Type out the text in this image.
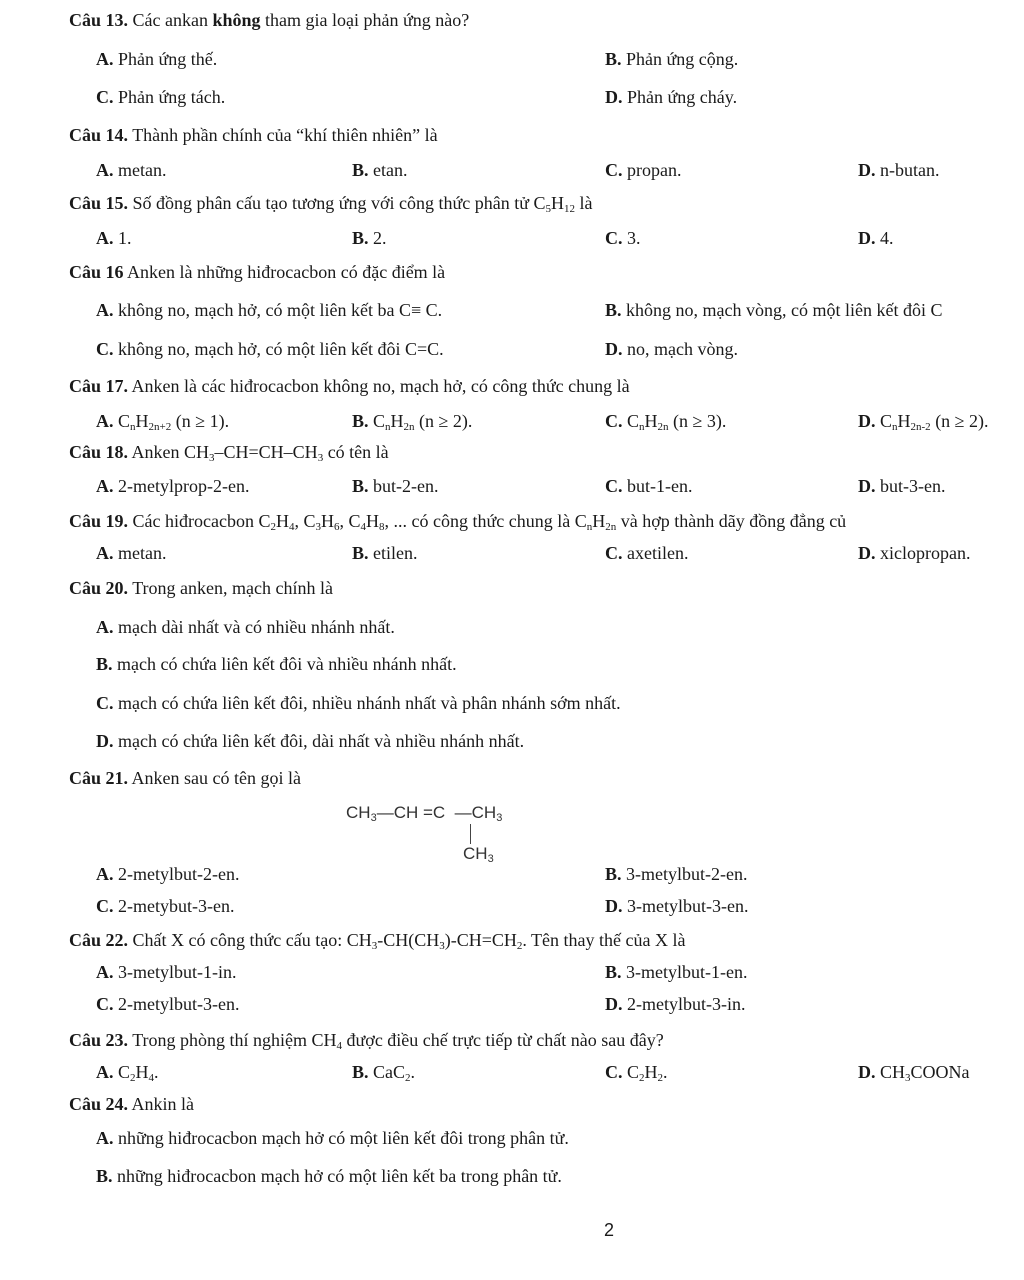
Câu 13. Các ankan không tham gia loại phản ứng nào?
A. Phản ứng thế.	B. Phản ứng cộng.
C. Phản ứng tách.	D. Phản ứng cháy.
Câu 14. Thành phần chính của “khí thiên nhiên” là
A. metan.	B. etan.	C. propan.	D. n-butan.
Câu 15. Số đồng phân cấu tạo tương ứng với công thức phân tử $C_5H_{12}$ là
A. 1.	B. 2.	C. 3.	D. 4.
Câu 16 Anken là những hiđrocacbon có đặc điểm là
A. không no, mạch hở, có một liên kết ba C≡ C.	B. không no, mạch vòng, có một liên kết đôi C
C. không no, mạch hở, có một liên kết đôi C=C.	D. no, mạch vòng.
Câu 17. Anken là các hiđrocacbon không no, mạch hở, có công thức chung là
A. $C_nH_{2n+2}$ (n ≥ 1).	B. $C_nH_{2n}$ (n ≥ 2).	C. $C_nH_{2n}$ (n ≥ 3).	D. $C_nH_{2n-2}$ (n ≥ 2).
Câu 18. Anken $CH_3-CH=CH-CH_3$ có tên là
A. 2-metylprop-2-en.	B. but-2-en.	C. but-1-en.	D. but-3-en.
Câu 19. Các hiđrocacbon $C_2H_4$, $C_3H_6$, $C_4H_8$, ... có công thức chung là $C_nH_{2n}$ và hợp thành dãy đồng đẳng củ
A. metan.	B. etilen.	C. axetilen.	D. xiclopropan.
Câu 20. Trong anken, mạch chính là
A. mạch dài nhất và có nhiều nhánh nhất.
B. mạch có chứa liên kết đôi và nhiều nhánh nhất.
C. mạch có chứa liên kết đôi, nhiều nhánh nhất và phân nhánh sớm nhất.
D. mạch có chứa liên kết đôi, dài nhất và nhiều nhánh nhất.
Câu 21. Anken sau có tên gọi là
$CH_3—CH =C$ $—CH_3$
$CH_3$
A. 2-metylbut-2-en.	B. 3-metylbut-2-en.
C. 2-metybut-3-en.	D. 3-metylbut-3-en.
Câu 22. Chất X có công thức cấu tạo: $CH_3-CH(CH_3)-CH=CH_2$. Tên thay thế của X là
A. 3-metylbut-1-in.	B. 3-metylbut-1-en.
C. 2-metylbut-3-en.	D. 2-metylbut-3-in.
Câu 23. Trong phòng thí nghiệm $CH_4$ được điều chế trực tiếp từ chất nào sau đây?
A. $C_2H_4$.	B. CaC$_2$.	C. $C_2H_2$.	D. $CH_3COONa$
Câu 24. Ankin là
A. những hiđrocacbon mạch hở có một liên kết đôi trong phân tử.
B. những hiđrocacbon mạch hở có một liên kết ba trong phân tử.
2
